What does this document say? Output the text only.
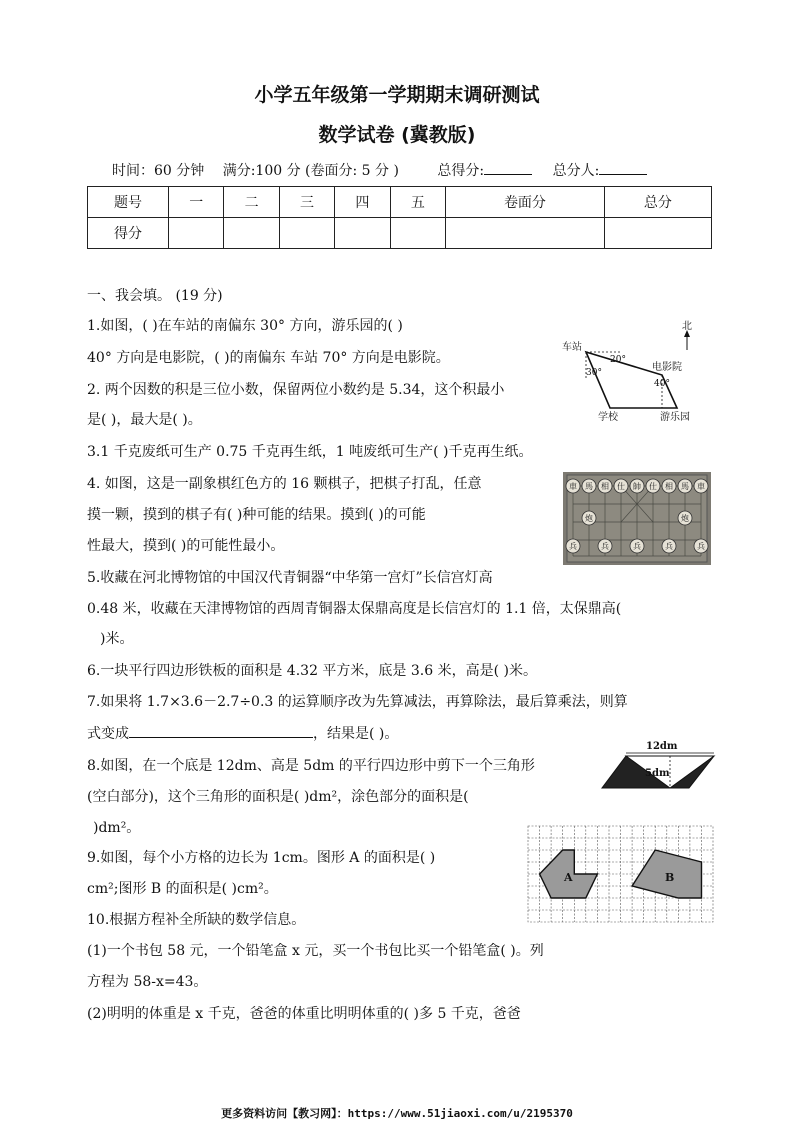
小学五年级第一学期期末调研测试
数学试卷 (冀教版)
时间：60 分钟 满分:100 分 (卷面分: 5 分 )	总得分:	总分人:
题号	一	二	三	四	五	卷面分	总分
得分							
一、我会填。 (19 分)
1.如图，( )在车站的南偏东 30° 方向，游乐园的( )
40° 方向是电影院，( )的南偏东 车站 70° 方向是电影院。
2. 两个因数的积是三位小数，保留两位小数约是 5.34，这个积最小
是( )，最大是( )。
北
车站
20°
30°	电影院
40°
学校	游乐园
3.1 千克废纸可生产 0.75 千克再生纸，1 吨废纸可生产( )千克再生纸。
4. 如图，这是一副象棋红色方的 16 颗棋子，把棋子打乱，任意
摸一颗，摸到的棋子有( )种可能的结果。摸到( )的可能
性最大，摸到( )的可能性最小。
車 馬 相 仕 帥 仕 相 馬 車
炮	炮
兵	兵	兵	兵	兵
5.收藏在河北博物馆的中国汉代青铜器“中华第一宫灯”长信宫灯高
0.48 米，收藏在天津博物馆的西周青铜器太保鼎高度是长信宫灯的 1.1 倍，太保鼎高(
)米。
6.一块平行四边形铁板的面积是 4.32 平方米，底是 3.6 米，高是( )米。
7.如果将 1.7×3.6－2.7÷0.3 的运算顺序改为先算减法，再算除法，最后算乘法，则算
式变成	，结果是( )。
8.如图，在一个底是 12dm、高是 5dm 的平行四边形中剪下一个三角形
(空白部分)，这个三角形的面积是( )dm²，涂色部分的面积是(
)dm²。
12dm
5dm
9.如图，每个小方格的边长为 1cm。图形 A 的面积是( )
cm²;图形 B 的面积是( )cm²。
A	B
10.根据方程补全所缺的数学信息。
(1)一个书包 58 元，一个铅笔盒 x 元，买一个书包比买一个铅笔盒( )。列
方程为 58-x=43。
(2)明明的体重是 x 千克，爸爸的体重比明明体重的( )多 5 千克，爸爸
更多资料访问【教习网】：https://www.51jiaoxi.com/u/2195370
